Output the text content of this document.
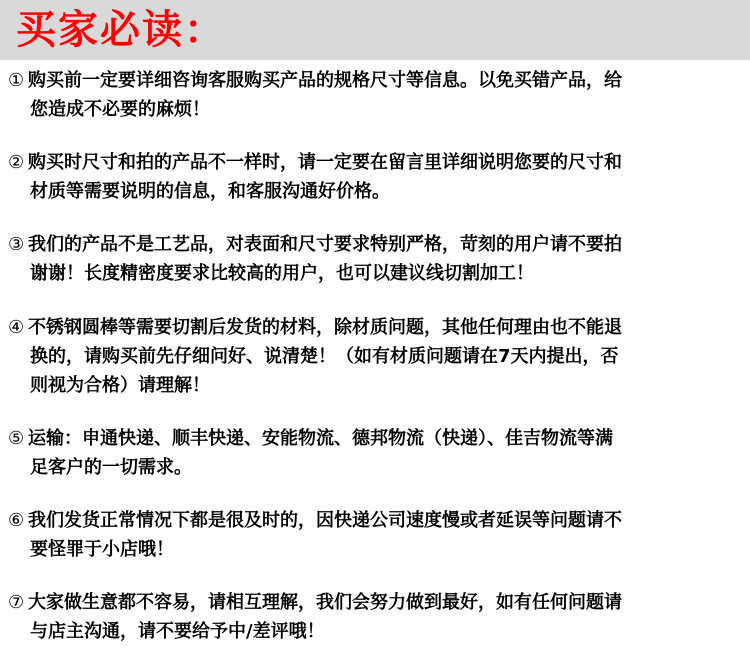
买家必读：
① 购买前一定要详细咨询客服购买产品的规格尺寸等信息。以免买错产品，给
您造成不必要的麻烦！
② 购买时尺寸和拍的产品不一样时，请一定要在留言里详细说明您要的尺寸和
材质等需要说明的信息，和客服沟通好价格。
③ 我们的产品不是工艺品，对表面和尺寸要求特别严格，苛刻的用户请不要拍
谢谢！长度精密度要求比较高的用户，也可以建议线切割加工！
④ 不锈钢圆棒等需要切割后发货的材料，除材质问题，其他任何理由也不能退
换的，请购买前先仔细问好、说清楚！（如有材质问题请在7天内提出，否
则视为合格）请理解！
⑤ 运输：申通快递、顺丰快递、安能物流、德邦物流（快递）、佳吉物流等满
足客户的一切需求。
⑥ 我们发货正常情况下都是很及时的，因快递公司速度慢或者延误等问题请不
要怪罪于小店哦！
⑦ 大家做生意都不容易，请相互理解，我们会努力做到最好，如有任何问题请
与店主沟通，请不要给予中/差评哦！
